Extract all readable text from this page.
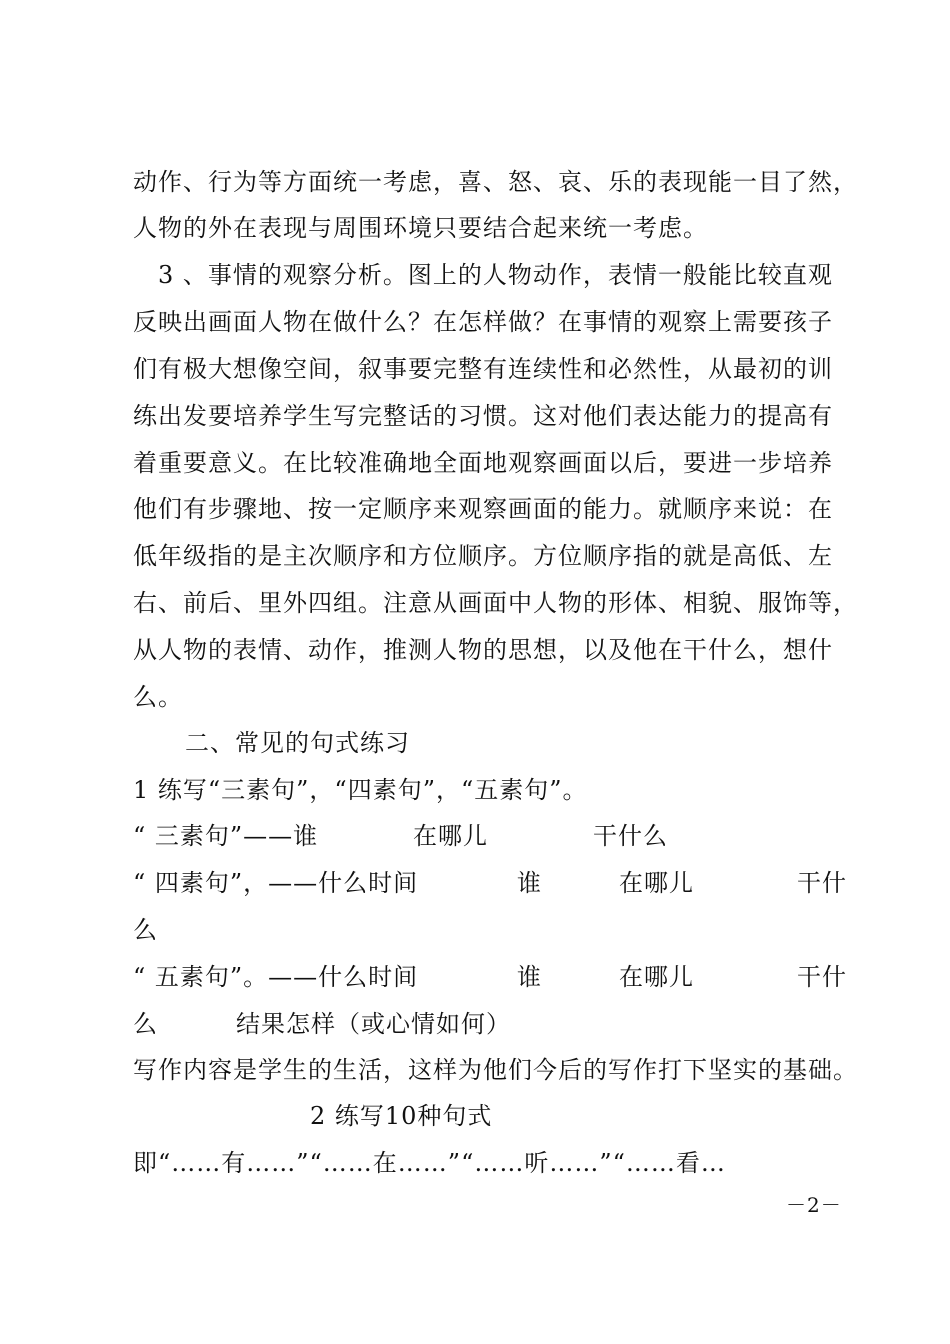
动作、行为等方面统一考虑，喜、怒、哀、乐的表现能一目了然，
人物的外在表现与周围环境只要结合起来统一考虑。
3 、事情的观察分析。图上的人物动作，表情一般能比较直观
反映出画面人物在做什么？在怎样做？在事情的观察上需要孩子
们有极大想像空间，叙事要完整有连续性和必然性，从最初的训
练出发要培养学生写完整话的习惯。这对他们表达能力的提高有
着重要意义。在比较准确地全面地观察画面以后，要进一步培养
他们有步骤地、按一定顺序来观察画面的能力。就顺序来说：在
低年级指的是主次顺序和方位顺序。方位顺序指的就是高低、左
右、前后、里外四组。注意从画面中人物的形体、相貌、服饰等，
从人物的表情、动作，推测人物的思想，以及他在干什么，想什
么。
二、常见的句式练习
1 练写“三素句”，“四素句”，“五素句”。
“ 三素句”——谁	在哪儿	干什么
“ 四素句”，——什么时间	谁	在哪儿	干什
么
“ 五素句”。——什么时间	谁	在哪儿	干什
么	结果怎样（或心情如何）
写作内容是学生的生活，这样为他们今后的写作打下坚实的基础。
2 练写10种句式
即“……有……”“……在……”“……听……”“……看…
－2－
